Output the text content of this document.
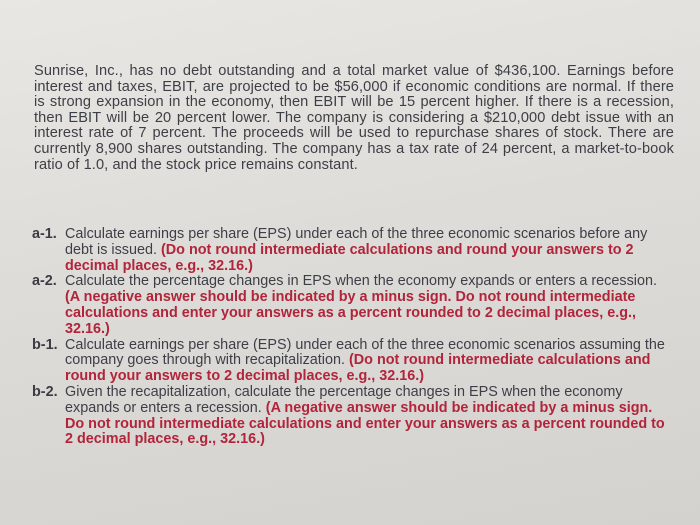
Sunrise, Inc., has no debt outstanding and a total market value of $436,100. Earnings before interest and taxes, EBIT, are projected to be $56,000 if economic conditions are normal. If there is strong expansion in the economy, then EBIT will be 15 percent higher. If there is a recession, then EBIT will be 20 percent lower. The company is considering a $210,000 debt issue with an interest rate of 7 percent. The proceeds will be used to repurchase shares of stock. There are currently 8,900 shares outstanding. The company has a tax rate of 24 percent, a market-to-book ratio of 1.0, and the stock price remains constant.

a-1. Calculate earnings per share (EPS) under each of the three economic scenarios before any debt is issued. (Do not round intermediate calculations and round your answers to 2 decimal places, e.g., 32.16.)
a-2. Calculate the percentage changes in EPS when the economy expands or enters a recession. (A negative answer should be indicated by a minus sign. Do not round intermediate calculations and enter your answers as a percent rounded to 2 decimal places, e.g., 32.16.)
b-1. Calculate earnings per share (EPS) under each of the three economic scenarios assuming the company goes through with recapitalization. (Do not round intermediate calculations and round your answers to 2 decimal places, e.g., 32.16.)
b-2. Given the recapitalization, calculate the percentage changes in EPS when the economy expands or enters a recession. (A negative answer should be indicated by a minus sign. Do not round intermediate calculations and enter your answers as a percent rounded to 2 decimal places, e.g., 32.16.)
